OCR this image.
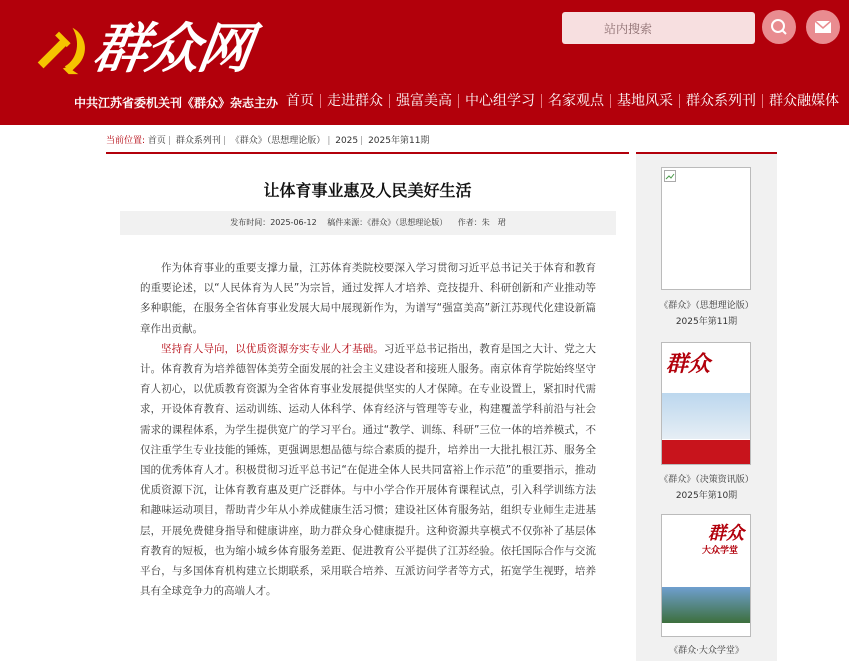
群众网
中共江苏省委机关刊《群众》杂志主办
站内搜索
首页 走进群众 强富美高 中心组学习 名家观点 基地风采 群众系列刊 群众融媒体
当前位置: 首页 | 群众系列刊 | 《群众》（思想理论版） | 2025 | 2025年第11期
让体育事业惠及人民美好生活
发布时间：2025-06-12 稿件来源：《群众》（思想理论版） 作者：朱　珺

作为体育事业的重要支撑力量，江苏体育类院校要深入学习贯彻习近平总书记关于体育和教育的重要论述，以“人民体育为人民”为宗旨，通过发挥人才培养、竞技提升、科研创新和产业推动等多种职能，在服务全省体育事业发展大局中展现新作为，为谱写“强富美高”新江苏现代化建设新篇章作出贡献。

坚持育人导向，以优质资源夯实专业人才基础。习近平总书记指出，教育是国之大计、党之大计。体育教育为培养德智体美劳全面发展的社会主义建设者和接班人服务。南京体育学院始终坚守育人初心，以优质教育资源为全省体育事业发展提供坚实的人才保障。在专业设置上，紧扣时代需求，开设体育教育、运动训练、运动人体科学、体育经济与管理等专业，构建覆盖学科前沿与社会需求的课程体系，为学生提供宽广的学习平台。通过“教学、训练、科研”三位一体的培养模式，不仅注重学生专业技能的锤炼，更强调思想品德与综合素质的提升，培养出一大批扎根江苏、服务全国的优秀体育人才。积极贯彻习近平总书记“在促进全体人民共同富裕上作示范”的重要指示，推动优质资源下沉，让体育教育惠及更广泛群体。与中小学合作开展体育课程试点，引入科学训练方法和趣味运动项目，帮助青少年从小养成健康生活习惯；建设社区体育服务站，组织专业师生走进基层，开展免费健身指导和健康讲座，助力群众身心健康提升。这种资源共享模式不仅弥补了基层体育教育的短板，也为缩小城乡体育服务差距、促进教育公平提供了江苏经验。依托国际合作与交流平台，与多国体育机构建立长期联系，采用联合培养、互派访问学者等方式，拓宽学生视野，培养具有全球竞争力的高端人才。

《群众》（思想理论版）
2025年第11期
群众
《群众》（决策资讯版）
2025年第10期
群众
大众学堂
《群众·大众学堂》
